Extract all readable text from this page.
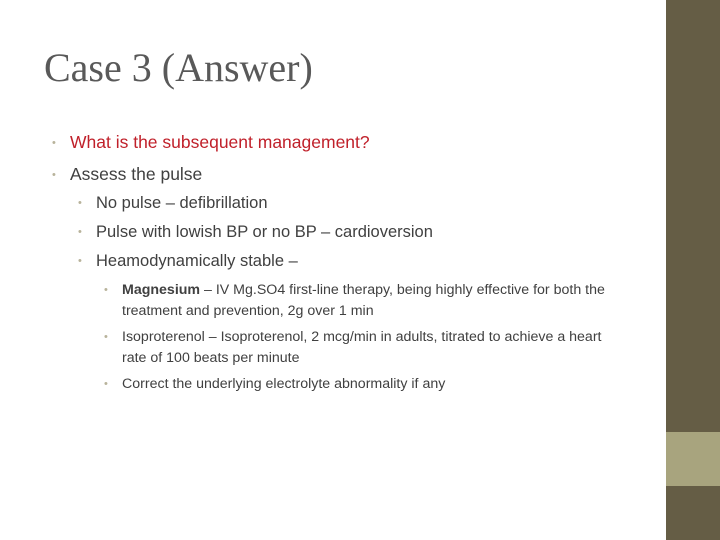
Case 3 (Answer)
• What is the subsequent management?
• Assess the pulse
• No pulse – defibrillation
• Pulse with lowish BP or no BP – cardioversion
• Heamodynamically stable –
• Magnesium – IV Mg.SO4 first-line therapy, being highly effective for both the treatment and prevention, 2g over 1 min
• Isoproterenol – Isoproterenol, 2 mcg/min in adults, titrated to achieve a heart rate of 100 beats per minute
• Correct the underlying electrolyte abnormality if any
